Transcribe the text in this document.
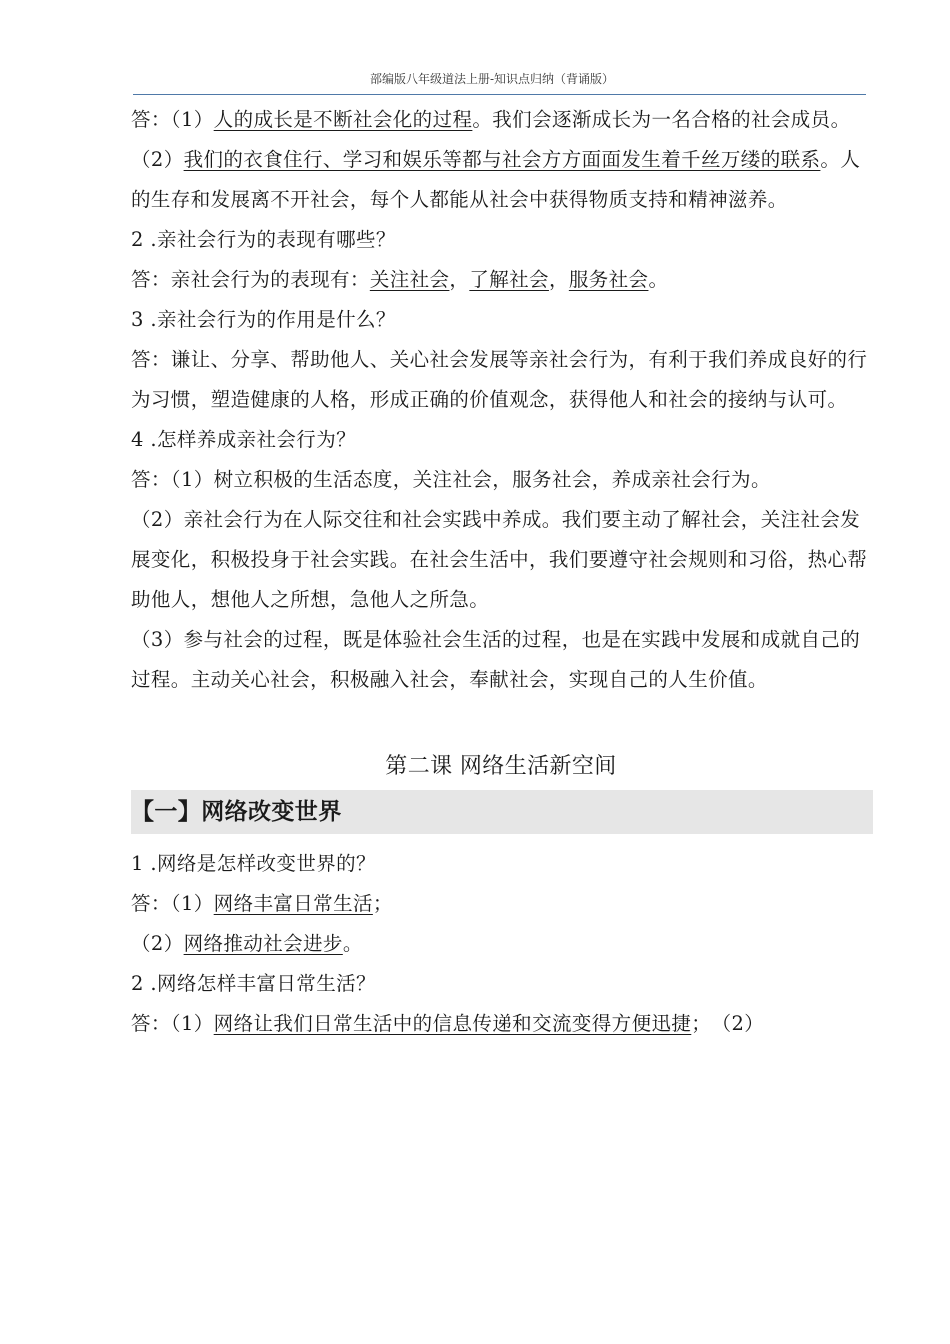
部编版八年级道法上册-知识点归纳（背诵版）

答：（1）人的成长是不断社会化的过程。我们会逐渐成长为一名合格的社会成员。

（2）我们的衣食住行、学习和娱乐等都与社会方方面面发生着千丝万缕的联系。人的生存和发展离不开社会，每个人都能从社会中获得物质支持和精神滋养。

2 .亲社会行为的表现有哪些？

答：亲社会行为的表现有：关注社会，了解社会，服务社会。

3 .亲社会行为的作用是什么？

答：谦让、分享、帮助他人、关心社会发展等亲社会行为，有利于我们养成良好的行为习惯，塑造健康的人格，形成正确的价值观念，获得他人和社会的接纳与认可。

4 .怎样养成亲社会行为？

答：（1）树立积极的生活态度，关注社会，服务社会，养成亲社会行为。

（2）亲社会行为在人际交往和社会实践中养成。我们要主动了解社会，关注社会发展变化，积极投身于社会实践。在社会生活中，我们要遵守社会规则和习俗，热心帮助他人，想他人之所想，急他人之所急。

（3）参与社会的过程，既是体验社会生活的过程，也是在实践中发展和成就自己的过程。主动关心社会，积极融入社会，奉献社会，实现自己的人生价值。

第二课 网络生活新空间

【一】网络改变世界

1 .网络是怎样改变世界的？

答：（1）网络丰富日常生活；

（2）网络推动社会进步。

2 .网络怎样丰富日常生活？

答：（1）网络让我们日常生活中的信息传递和交流变得方便迅捷；　（2）
